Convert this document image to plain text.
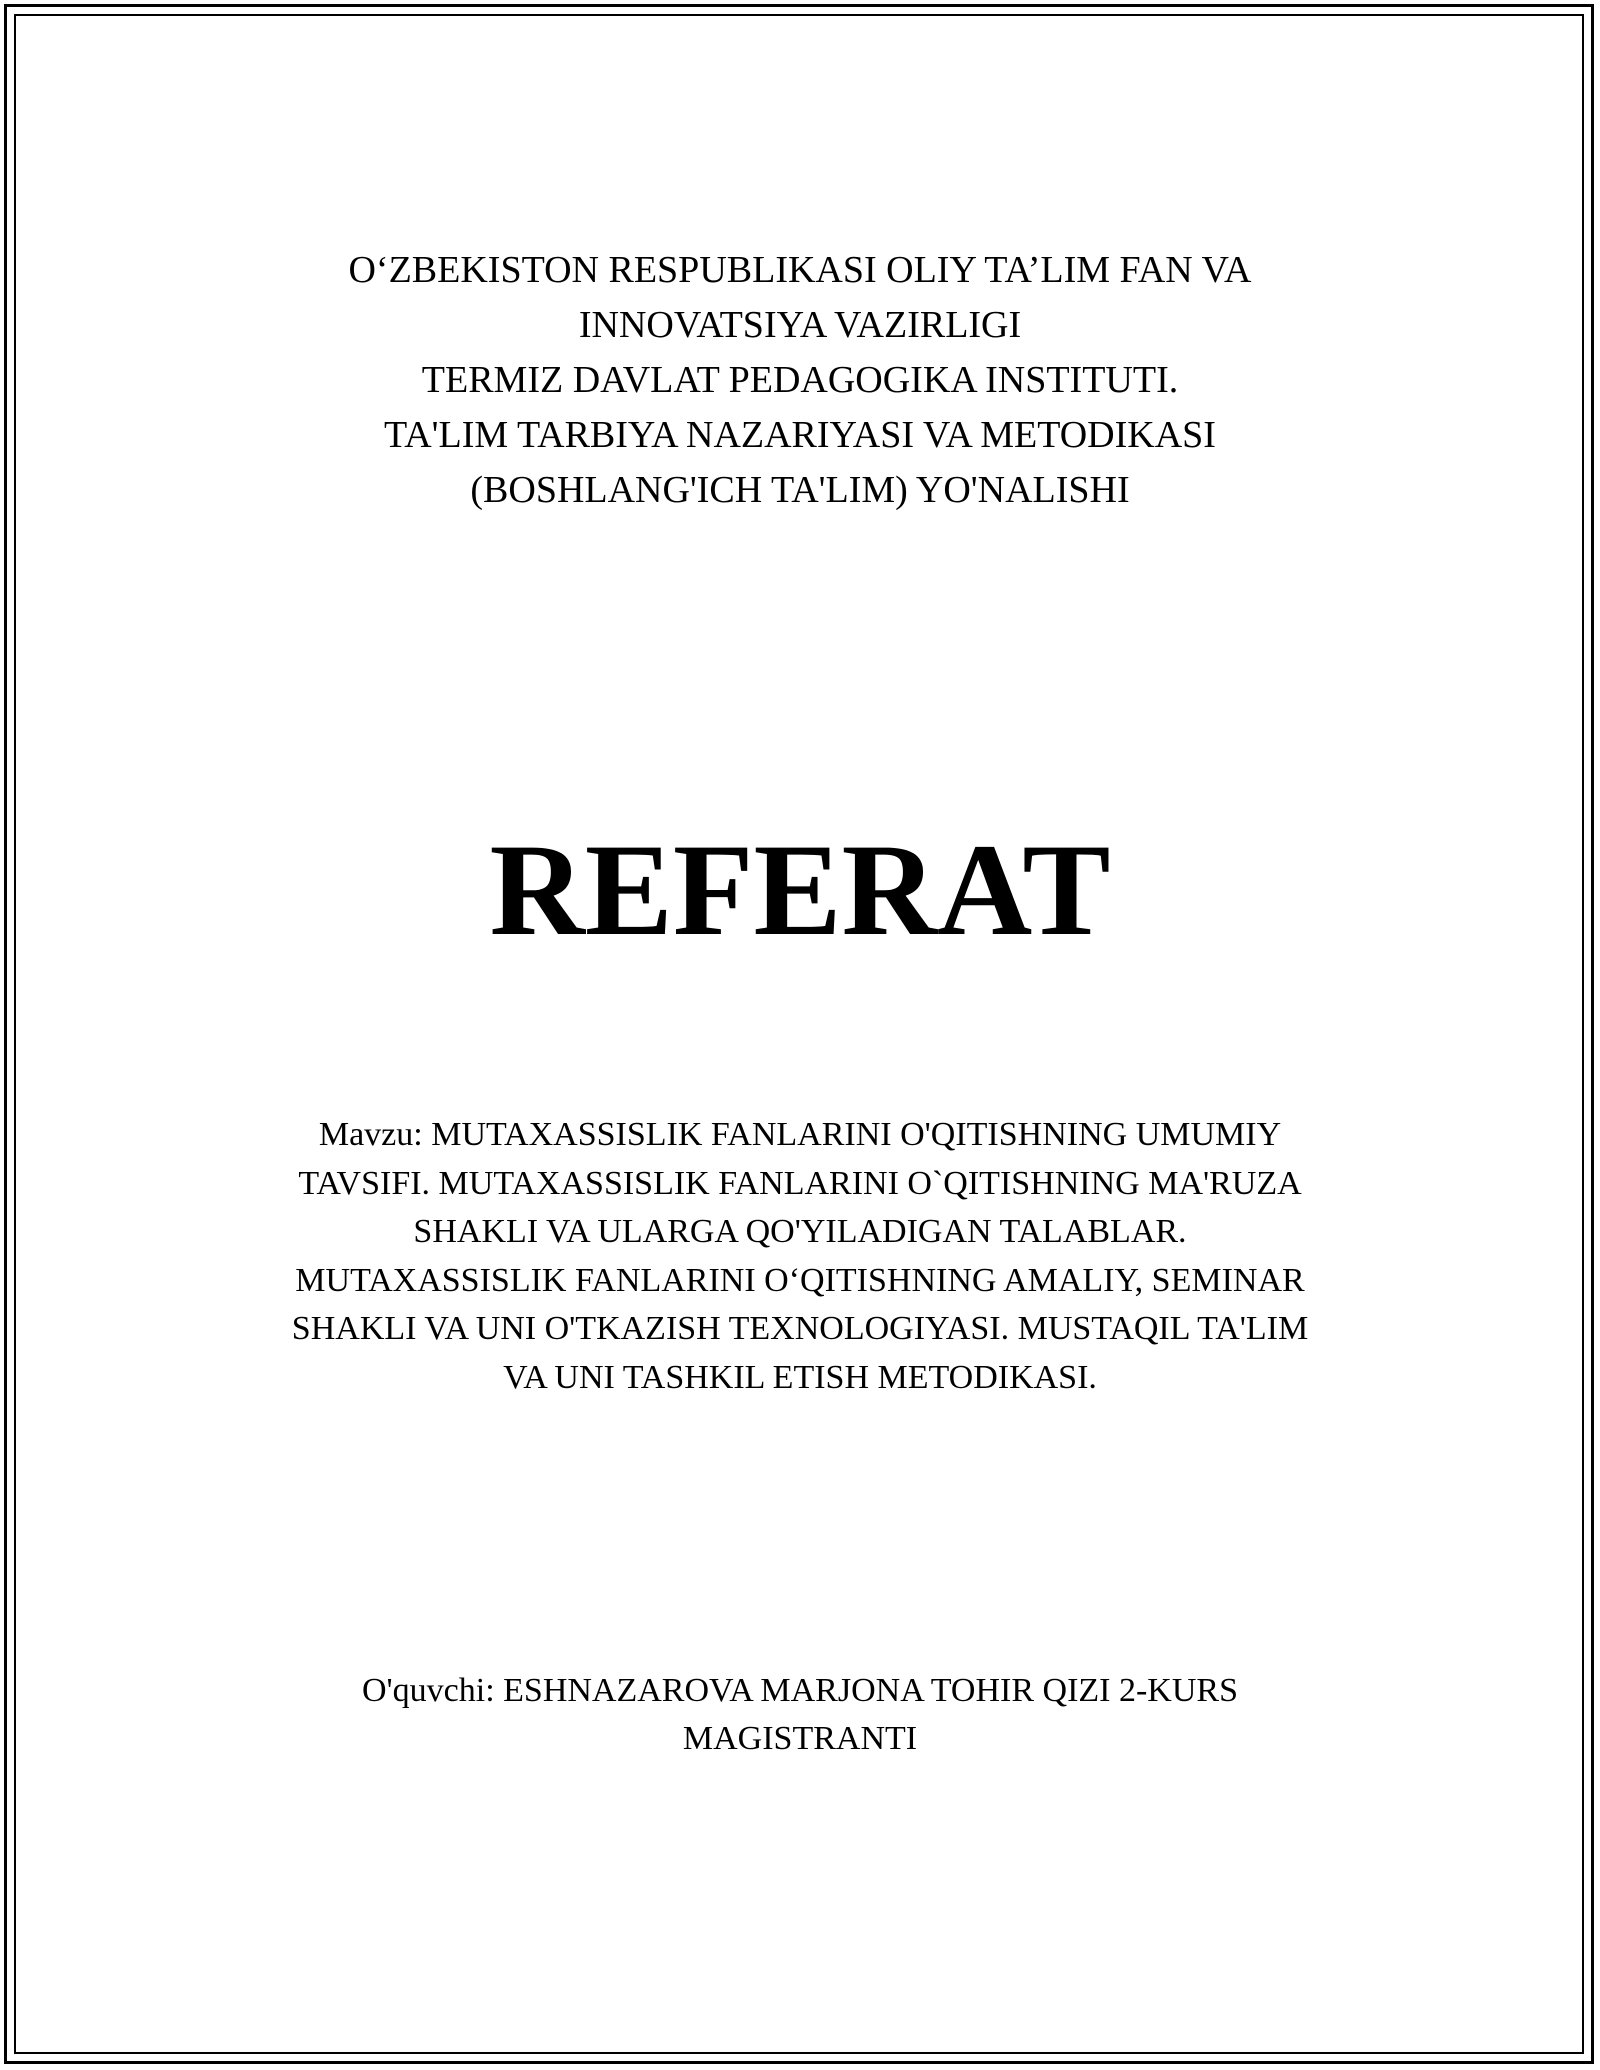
O‘ZBEKISTON RESPUBLIKASI OLIY TA’LIM FAN VA
INNOVATSIYA VAZIRLIGI
TERMIZ DAVLAT PEDAGOGIKA INSTITUTI.
TA'LIM TARBIYA NAZARIYASI VA METODIKASI
(BOSHLANG'ICH TA'LIM) YO'NALISHI
REFERAT
Mavzu: MUTAXASSISLIK FANLARINI O'QITISHNING UMUMIY
TAVSIFI. MUTAXASSISLIK FANLARINI O`QITISHNING MA'RUZA
SHAKLI VA ULARGA QO'YILADIGAN TALABLAR.
MUTAXASSISLIK FANLARINI O‘QITISHNING AMALIY, SEMINAR
SHAKLI VA UNI O'TKAZISH TEXNOLOGIYASI. MUSTAQIL TA'LIM
VA UNI TASHKIL ETISH METODIKASI.
O'quvchi: ESHNAZAROVA MARJONA TOHIR QIZI 2-KURS
MAGISTRANTI
